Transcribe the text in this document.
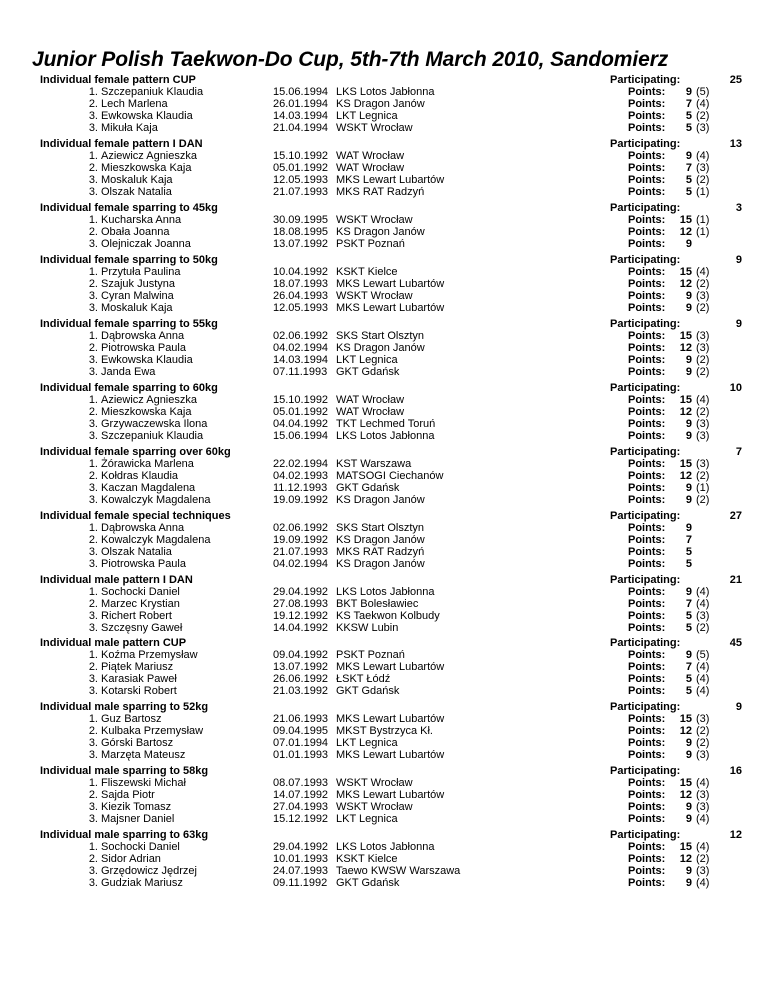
Junior Polish Taekwon-Do Cup, 5th-7th March 2010, Sandomierz
Individual female pattern CUP	Participating:	25
1. Szczepaniuk Klaudia	15.06.1994 LKS Lotos Jabłonna	Points:	9 (5)
2. Lech Marlena	26.01.1994 KS Dragon Janów	Points:	7 (4)
3. Ewkowska Klaudia	14.03.1994 LKT Legnica	Points:	5 (2)
3. Mikuła Kaja	21.04.1994 WSKT Wrocław	Points:	5 (3)
Individual female pattern I DAN	Participating:	13
1. Aziewicz Agnieszka	15.10.1992 WAT Wrocław	Points:	9 (4)
2. Mieszkowska Kaja	05.01.1992 WAT Wrocław	Points:	7 (3)
3. Moskaluk Kaja	12.05.1993 MKS Lewart Lubartów	Points:	5 (2)
3. Olszak Natalia	21.07.1993 MKS RAT Radzyń	Points:	5 (1)
Individual female sparring to 45kg	Participating:	3
1. Kucharska Anna	30.09.1995 WSKT Wrocław	Points:	15 (1)
2. Obała Joanna	18.08.1995 KS Dragon Janów	Points:	12 (1)
3. Olejniczak Joanna	13.07.1992 PSKT Poznań	Points:	9
Individual female sparring to 50kg	Participating:	9
1. Przytuła Paulina	10.04.1992 KSKT Kielce	Points:	15 (4)
2. Szajuk Justyna	18.07.1993 MKS Lewart Lubartów	Points:	12 (2)
3. Cyran Malwina	26.04.1993 WSKT Wrocław	Points:	9 (3)
3. Moskaluk Kaja	12.05.1993 MKS Lewart Lubartów	Points:	9 (2)
Individual female sparring to 55kg	Participating:	9
1. Dąbrowska Anna	02.06.1992 SKS Start Olsztyn	Points:	15 (3)
2. Piotrowska Paula	04.02.1994 KS Dragon Janów	Points:	12 (3)
3. Ewkowska Klaudia	14.03.1994 LKT Legnica	Points:	9 (2)
3. Janda Ewa	07.11.1993 GKT Gdańsk	Points:	9 (2)
Individual female sparring to 60kg	Participating:	10
1. Aziewicz Agnieszka	15.10.1992 WAT Wrocław	Points:	15 (4)
2. Mieszkowska Kaja	05.01.1992 WAT Wrocław	Points:	12 (2)
3. Grzywaczewska Ilona	04.04.1992 TKT Lechmed Toruń	Points:	9 (3)
3. Szczepaniuk Klaudia	15.06.1994 LKS Lotos Jabłonna	Points:	9 (3)
Individual female sparring over 60kg	Participating:	7
1. Żórawicka Marlena	22.02.1994 KST Warszawa	Points:	15 (3)
2. Kołdras Klaudia	04.02.1993 MATSOGI Ciechanów	Points:	12 (2)
3. Kaczan Magdalena	11.12.1993 GKT Gdańsk	Points:	9 (1)
3. Kowalczyk Magdalena	19.09.1992 KS Dragon Janów	Points:	9 (2)
Individual female special techniques	Participating:	27
1. Dąbrowska Anna	02.06.1992 SKS Start Olsztyn	Points:	9
2. Kowalczyk Magdalena	19.09.1992 KS Dragon Janów	Points:	7
3. Olszak Natalia	21.07.1993 MKS RAT Radzyń	Points:	5
3. Piotrowska Paula	04.02.1994 KS Dragon Janów	Points:	5
Individual male pattern I DAN	Participating:	21
1. Sochocki Daniel	29.04.1992 LKS Lotos Jabłonna	Points:	9 (4)
2. Marzec Krystian	27.08.1993 BKT Bolesławiec	Points:	7 (4)
3. Richert Robert	19.12.1992 KS Taekwon Kolbudy	Points:	5 (3)
3. Szczęsny Gaweł	14.04.1992 KKSW Lubin	Points:	5 (2)
Individual male pattern CUP	Participating:	45
1. Koźma Przemysław	09.04.1992 PSKT Poznań	Points:	9 (5)
2. Piątek Mariusz	13.07.1992 MKS Lewart Lubartów	Points:	7 (4)
3. Karasiak Paweł	26.06.1992 ŁSKT Łódź	Points:	5 (4)
3. Kotarski Robert	21.03.1992 GKT Gdańsk	Points:	5 (4)
Individual male sparring to 52kg	Participating:	9
1. Guz Bartosz	21.06.1993 MKS Lewart Lubartów	Points:	15 (3)
2. Kulbaka Przemysław	09.04.1995 MKST Bystrzyca Kł.	Points:	12 (2)
3. Górski Bartosz	07.01.1994 LKT Legnica	Points:	9 (2)
3. Marzęta Mateusz	01.01.1993 MKS Lewart Lubartów	Points:	9 (3)
Individual male sparring to 58kg	Participating:	16
1. Fliszewski Michał	08.07.1993 WSKT Wrocław	Points:	15 (4)
2. Sajda Piotr	14.07.1992 MKS Lewart Lubartów	Points:	12 (3)
3. Kiezik Tomasz	27.04.1993 WSKT Wrocław	Points:	9 (3)
3. Majsner Daniel	15.12.1992 LKT Legnica	Points:	9 (4)
Individual male sparring to 63kg	Participating:	12
1. Sochocki Daniel	29.04.1992 LKS Lotos Jabłonna	Points:	15 (4)
2. Sidor Adrian	10.01.1993 KSKT Kielce	Points:	12 (2)
3. Grzędowicz Jędrzej	24.07.1993 Taewo KWSW Warszawa	Points:	9 (3)
3. Gudziak Mariusz	09.11.1992 GKT Gdańsk	Points:	9 (4)
